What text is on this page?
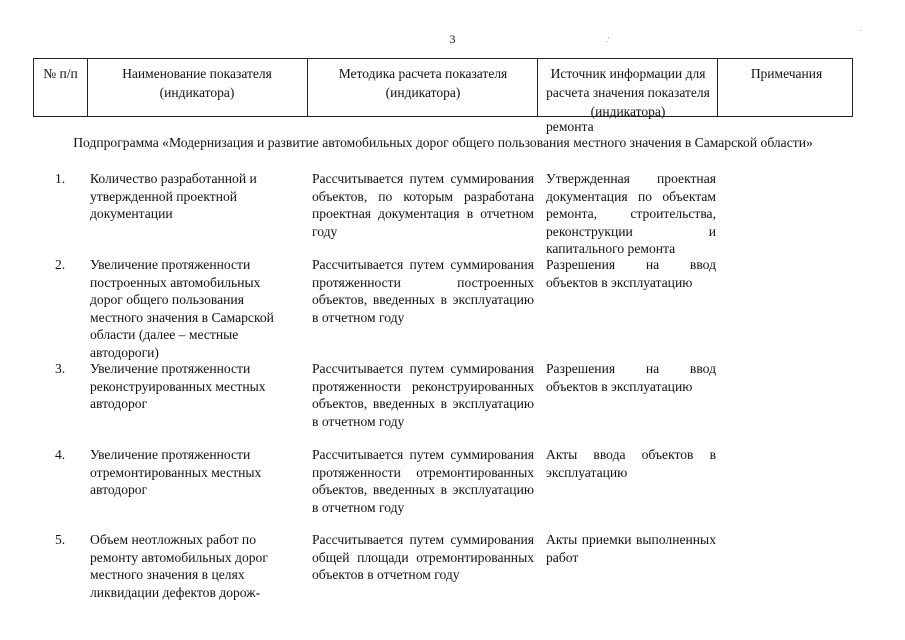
3	.'
.
№ п/п	Наименование показателя (индикатора)
Методика расчета показателя (индикатора)
Источник информации для расчета значения показателя (индикатора)
Примечания
ремонта
Подпрограмма «Модернизация и развитие автомобильных дорог общего пользования местного значения в Самарской области»
1. Количество разработанной и утвержденной проектной документации
Рассчитывается путем суммирования объектов, по которым разработана проектная документация в отчетном году
Утвержденная проектная документация по объектам ремонта, строительства, реконструкции и капитального ремонта
2. Увеличение протяженности построенных автомобильных дорог общего пользования местного значения в Самарской области (далее – местные автодороги)
Рассчитывается путем суммирования протяженности построенных объектов, введенных в эксплуатацию в отчетном году
Разрешения на ввод объектов в эксплуатацию
3. Увеличение протяженности реконструированных местных автодорог
Рассчитывается путем суммирования протяженности реконструированных объектов, введенных в эксплуатацию в отчетном году
Разрешения на ввод объектов в эксплуатацию
4. Увеличение протяженности отремонтированных местных автодорог
Рассчитывается путем суммирования протяженности отремонтированных объектов, введенных в эксплуатацию в отчетном году
Акты ввода объектов в эксплуатацию
5. Объем неотложных работ по ремонту автомобильных дорог местного значения в целях ликвидации дефектов дорож-
Рассчитывается путем суммирования общей площади отремонтированных объектов в отчетном году
Акты приемки выполненных работ
